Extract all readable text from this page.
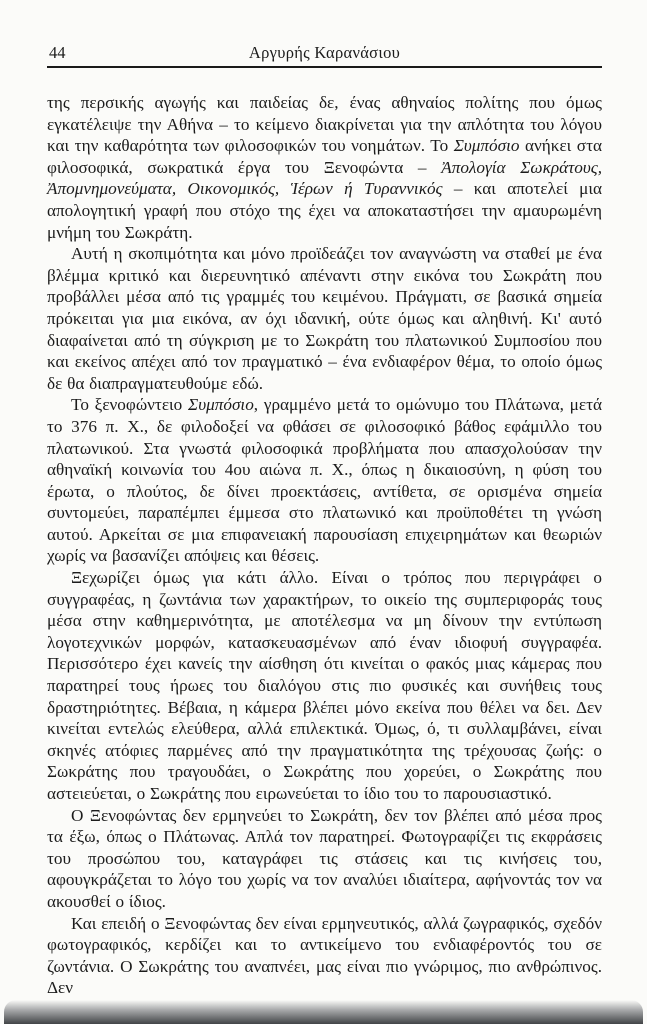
44	Αργυρής Καρανάσιου

της περσικής αγωγής και παιδείας δε, ένας αθηναίος πολίτης που όμως εγκατέλειψε την Αθήνα – το κείμενο διακρίνεται για την απλότητα του λόγου και την καθαρότητα των φιλοσοφικών του νοημάτων. Το Συμπόσιο ανήκει στα φιλοσοφικά, σωκρατικά έργα του Ξενοφώντα – Ἀπολογία Σωκράτους, Ἀπομνημονεύματα, Οικονομικός, Ἱέρων ή Τυραννικός – και αποτελεί μια απολογητική γραφή που στόχο της έχει να αποκαταστήσει την αμαυρωμένη μνήμη του Σωκράτη.

Αυτή η σκοπιμότητα και μόνο προϊδεάζει τον αναγνώστη να σταθεί με ένα βλέμμα κριτικό και διερευνητικό απέναντι στην εικόνα του Σωκράτη που προβάλλει μέσα από τις γραμμές του κειμένου. Πράγματι, σε βασικά σημεία πρόκειται για μια εικόνα, αν όχι ιδανική, ούτε όμως και αληθινή. Κι' αυτό διαφαίνεται από τη σύγκριση με το Σωκράτη του πλατωνικού Συμποσίου που και εκείνος απέχει από τον πραγματικό – ένα ενδιαφέρον θέμα, το οποίο όμως δε θα διαπραγματευθούμε εδώ.

Το ξενοφώντειο Συμπόσιο, γραμμένο μετά το ομώνυμο του Πλάτωνα, μετά το 376 π. Χ., δε φιλοδοξεί να φθάσει σε φιλοσοφικό βάθος εφάμιλλο του πλατωνικού. Στα γνωστά φιλοσοφικά προβλήματα που απασχολούσαν την αθηναϊκή κοινωνία του 4ου αιώνα π. Χ., όπως η δικαιοσύνη, η φύση του έρωτα, ο πλούτος, δε δίνει προεκτάσεις, αντίθετα, σε ορισμένα σημεία συντομεύει, παραπέμπει έμμεσα στο πλατωνικό και προϋποθέτει τη γνώση αυτού. Αρκείται σε μια επιφανειακή παρουσίαση επιχειρημάτων και θεωριών χωρίς να βασανίζει απόψεις και θέσεις.

Ξεχωρίζει όμως για κάτι άλλο. Είναι ο τρόπος που περιγράφει ο συγγραφέας, η ζωντάνια των χαρακτήρων, το οικείο της συμπεριφοράς τους μέσα στην καθημερινότητα, με αποτέλεσμα να μη δίνουν την εντύπωση λογοτεχνικών μορφών, κατασκευασμένων από έναν ιδιοφυή συγγραφέα. Περισσότερο έχει κανείς την αίσθηση ότι κινείται ο φακός μιας κάμερας που παρατηρεί τους ήρωες του διαλόγου στις πιο φυσικές και συνήθεις τους δραστηριότητες. Βέβαια, η κάμερα βλέπει μόνο εκείνα που θέλει να δει. Δεν κινείται εντελώς ελεύθερα, αλλά επιλεκτικά. Όμως, ό, τι συλλαμβάνει, είναι σκηνές ατόφιες παρμένες από την πραγματικότητα της τρέχουσας ζωής: ο Σωκράτης που τραγουδάει, ο Σωκράτης που χορεύει, ο Σωκράτης που αστειεύεται, ο Σωκράτης που ειρωνεύεται το ίδιο του το παρουσιαστικό.

Ο Ξενοφώντας δεν ερμηνεύει το Σωκράτη, δεν τον βλέπει από μέσα προς τα έξω, όπως ο Πλάτωνας. Απλά τον παρατηρεί. Φωτογραφίζει τις εκφράσεις του προσώπου του, καταγράφει τις στάσεις και τις κινήσεις του, αφουγκράζεται το λόγο του χωρίς να τον αναλύει ιδιαίτερα, αφήνοντάς τον να ακουσθεί ο ίδιος.

Και επειδή ο Ξενοφώντας δεν είναι ερμηνευτικός, αλλά ζωγραφικός, σχεδόν φωτογραφικός, κερδίζει και το αντικείμενο του ενδιαφέροντός του σε ζωντάνια. Ο Σωκράτης του αναπνέει, μας είναι πιο γνώριμος, πιο ανθρώπινος. Δεν
